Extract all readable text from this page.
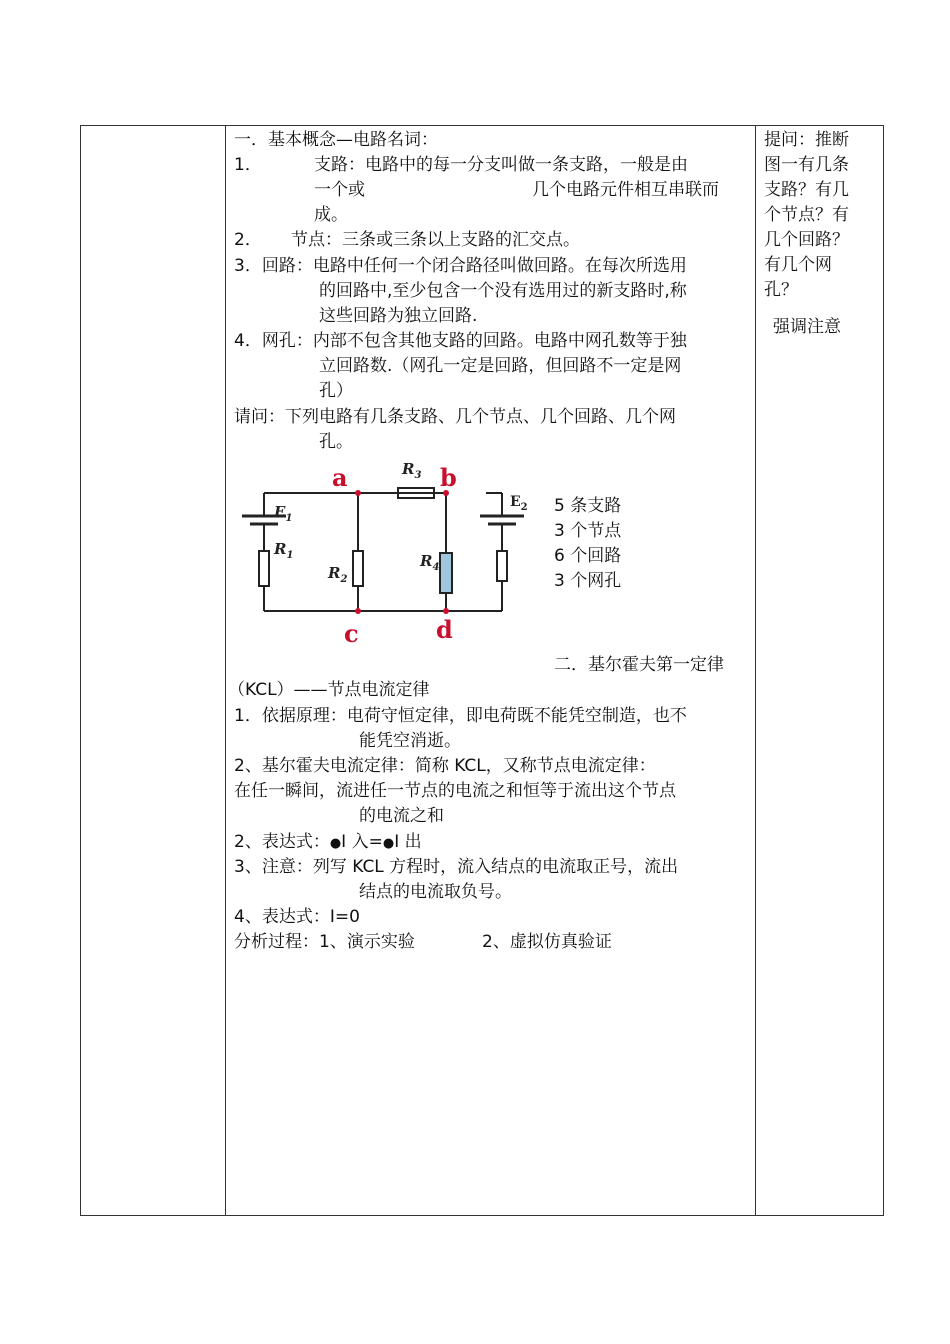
一．基本概念—电路名词：
1．	支路：电路中的每一分支叫做一条支路，一般是由
一个或	几个电路元件相互串联而
成。
2． 节点：三条或三条以上支路的汇交点。
3．回路：电路中任何一个闭合路径叫做回路。在每次所选用
的回路中,至少包含一个没有选用过的新支路时,称
这些回路为独立回路.
4．网孔：内部不包含其他支路的回路。电路中网孔数等于独
立回路数.（网孔一定是回路，但回路不一定是网
孔）
请问：下列电路有几条支路、几个节点、几个回路、几个网
孔。
a	b
c	d
$E_1$
$R_1$
$R_2$
$R_3$
$R_4$
$E_2$ 5 条支路
3 个节点
6 个回路
3 个网孔
二．基尔霍夫第一定律
（KCL）——节点电流定律
1．依据原理：电荷守恒定律，即电荷既不能凭空制造，也不
能凭空消逝。
2、基尔霍夫电流定律：简称 KCL，又称节点电流定律：
在任一瞬间，流进任一节点的电流之和恒等于流出这个节点
的电流之和
2、表达式：●I 入=●I 出
3、注意：列写 KCL 方程时，流入结点的电流取正号，流出
结点的电流取负号。
4、表达式：I=0
分析过程：1、演示实验	2、虚拟仿真验证
提问：推断
图一有几条
支路？有几
个节点？有
几个回路？
有几个网
孔？
强调注意
